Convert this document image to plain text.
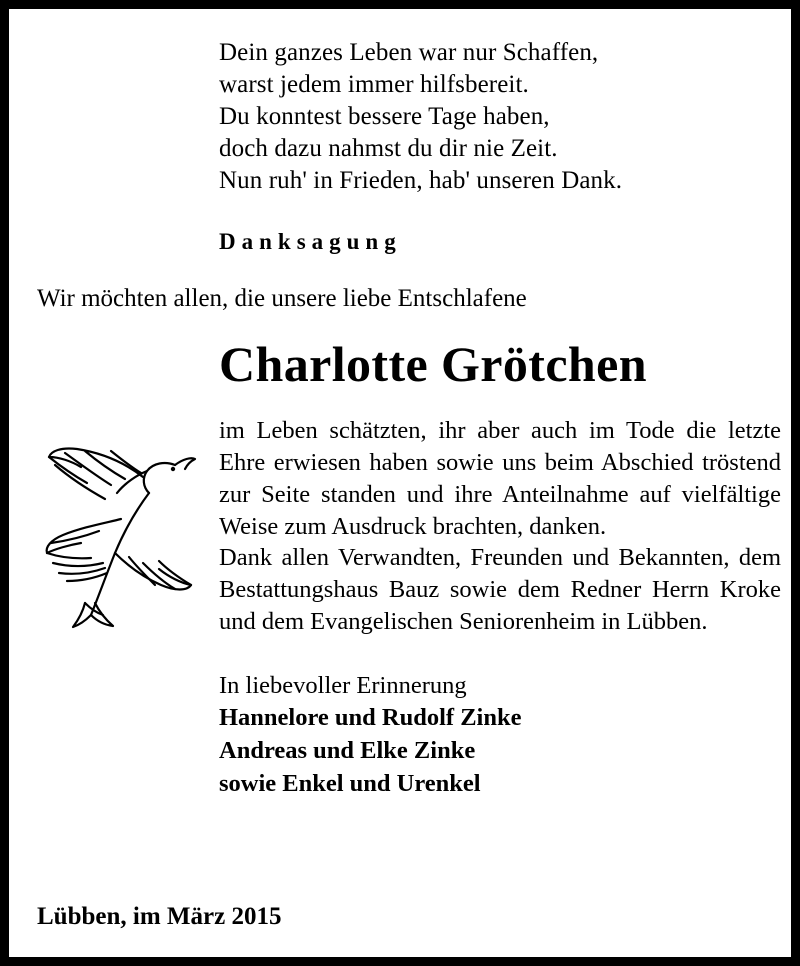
Dein ganzes Leben war nur Schaffen,
warst jedem immer hilfsbereit.
Du konntest bessere Tage haben,
doch dazu nahmst du dir nie Zeit.
Nun ruh' in Frieden, hab' unseren Dank.
Danksagung
Wir möchten allen, die unsere liebe Entschlafene
Charlotte Grötchen

im Leben schätzten, ihr aber auch im Tode die letzte Ehre erwiesen haben sowie uns beim Abschied tröstend zur Seite standen und ihre Anteilnahme auf vielfältige Weise zum Ausdruck brachten, danken.

Dank allen Verwandten, Freunden und Bekannten, dem Bestattungshaus Bauz sowie dem Redner Herrn Kroke und dem Evangelischen Seniorenheim in Lübben.

In liebevoller Erinnerung
Hannelore und Rudolf Zinke
Andreas und Elke Zinke
sowie Enkel und Urenkel
Lübben, im März 2015
